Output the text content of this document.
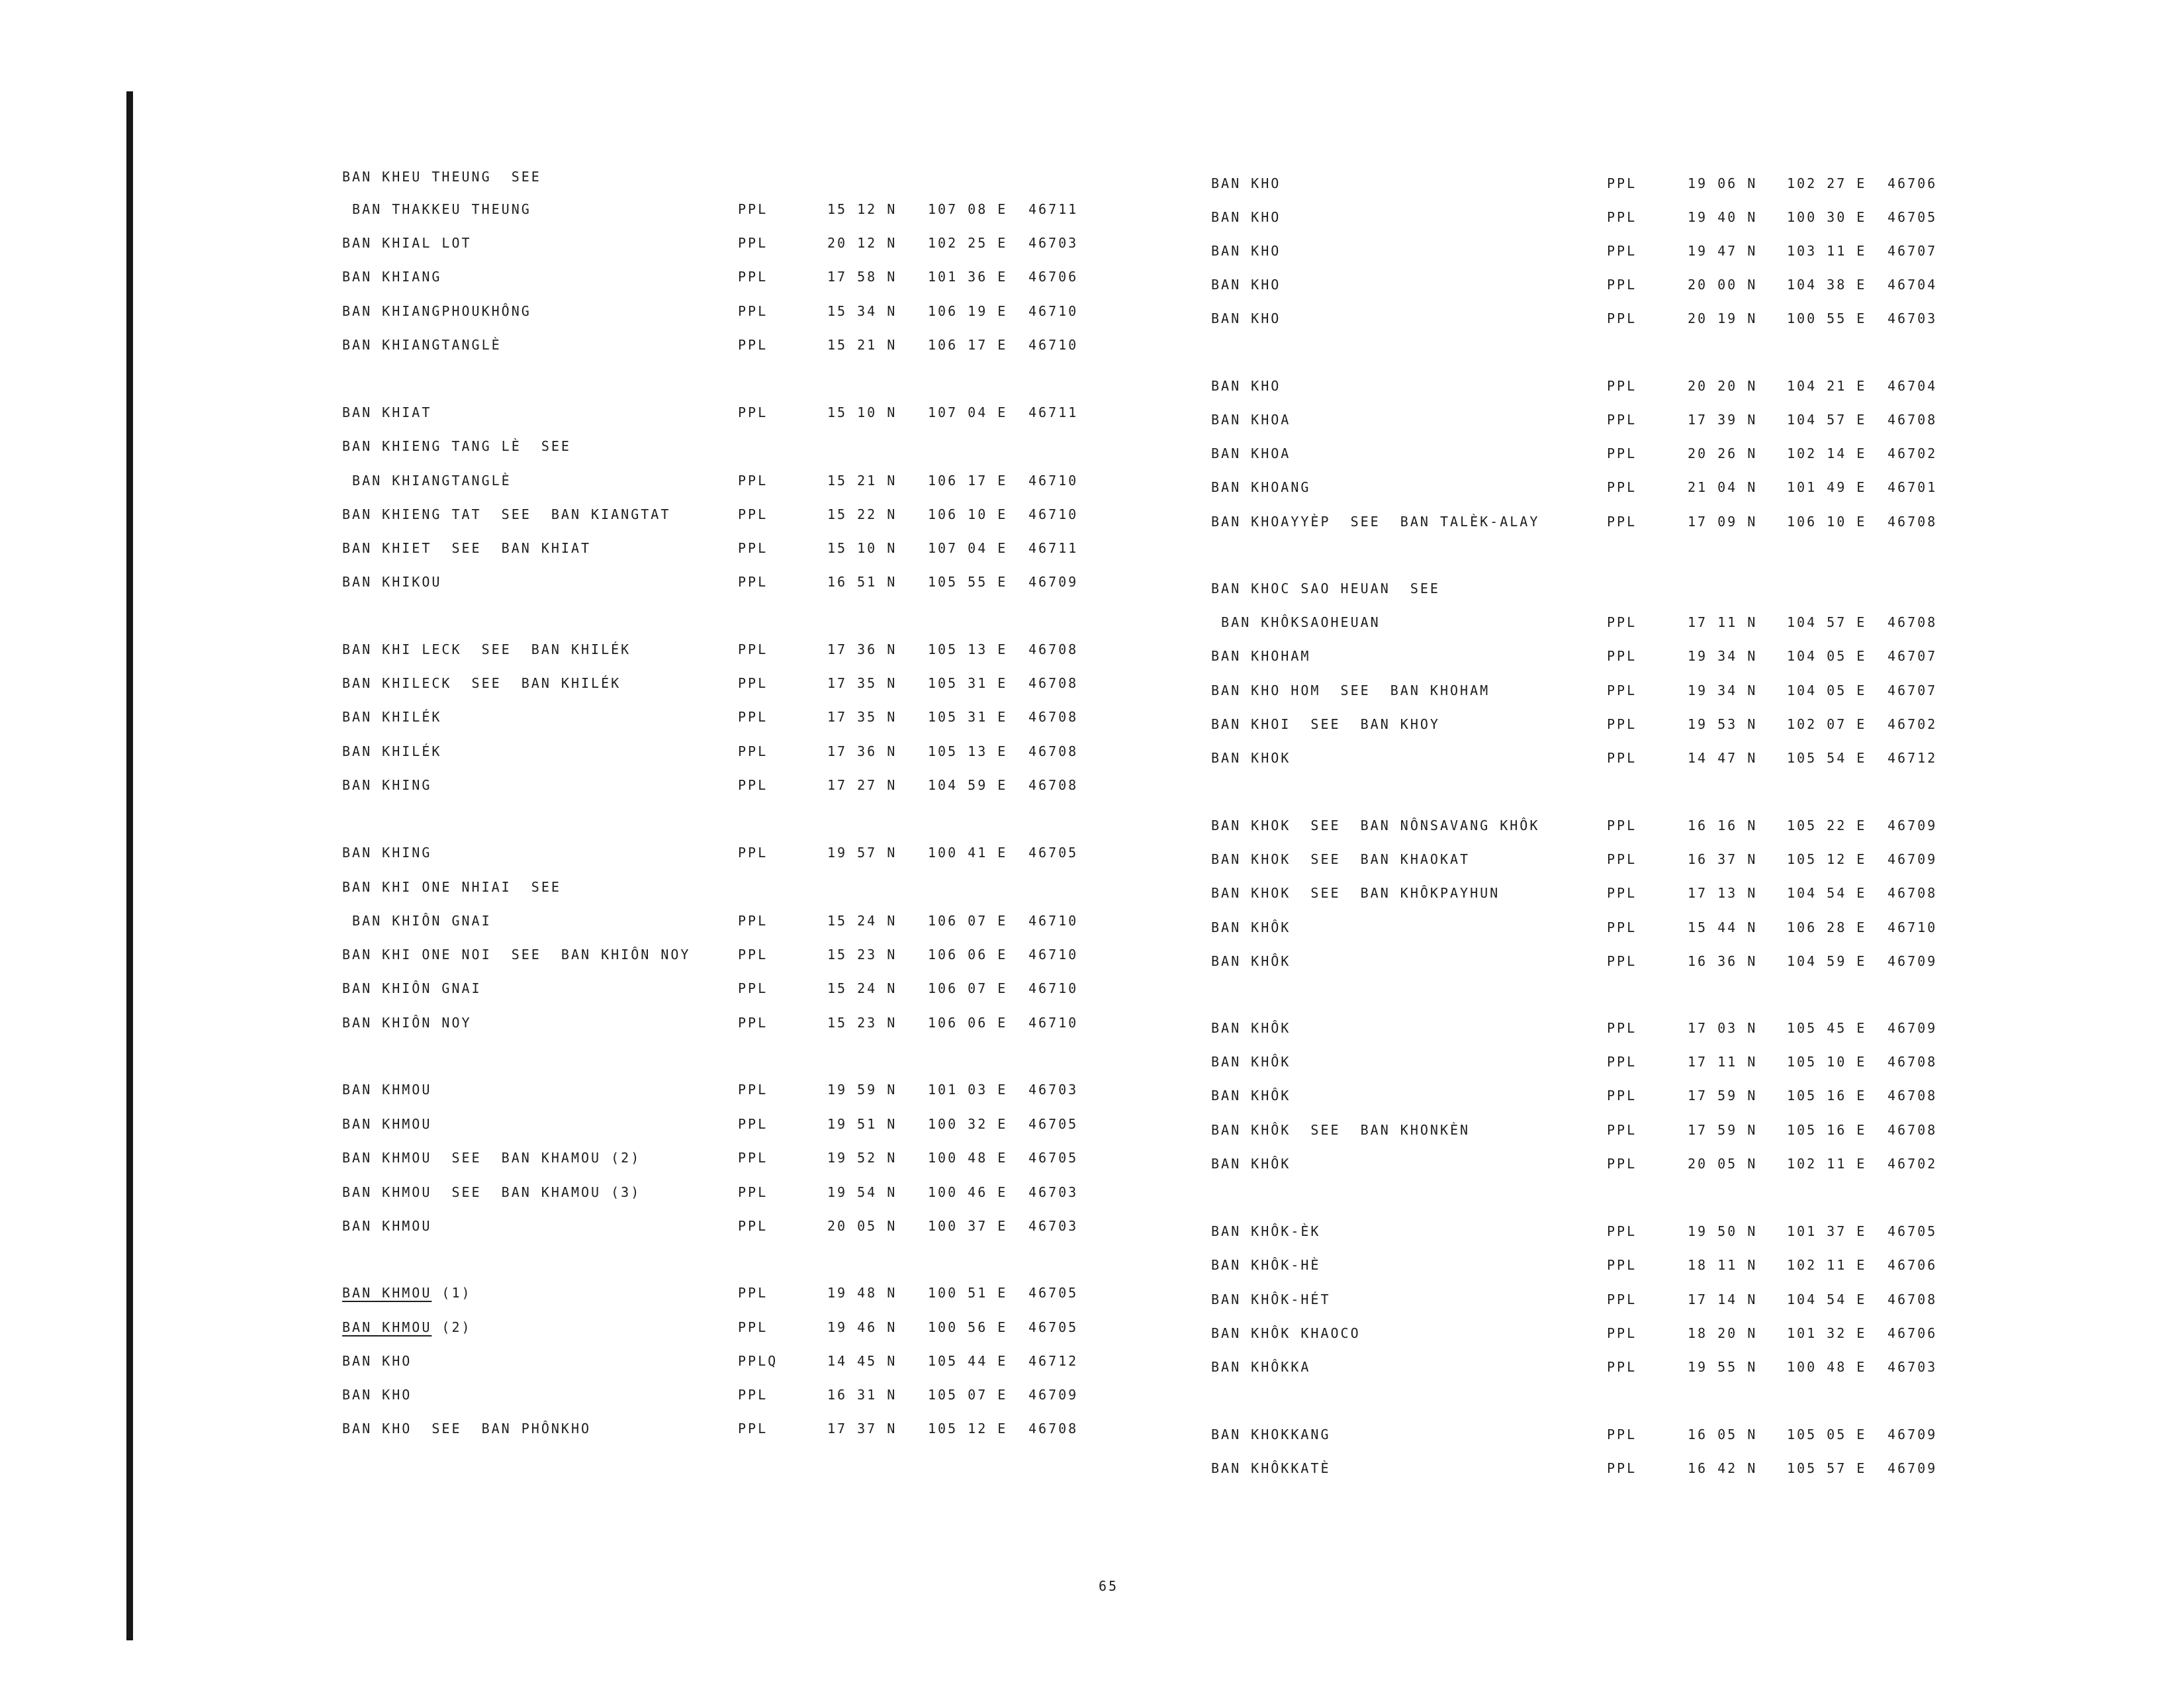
BAN KHEU THEUNG  SEE
BAN THAKKEU THEUNG	PPL	15 12 N 107 08 E 46711
BAN KHIAL LOT	PPL	20 12 N 102 25 E 46703
BAN KHIANG	PPL	17 58 N 101 36 E 46706
BAN KHIANGPHOUKHÔNG	PPL	15 34 N 106 19 E 46710
BAN KHIANGTANGLÈ	PPL	15 21 N 106 17 E 46710
BAN KHIAT	PPL	15 10 N 107 04 E 46711
BAN KHIENG TANG LÈ  SEE
BAN KHIANGTANGLÈ	PPL	15 21 N 106 17 E 46710
BAN KHIENG TAT  SEE  BAN KIANGTAT	PPL	15 22 N 106 10 E 46710
BAN KHIET  SEE  BAN KHIAT	PPL	15 10 N 107 04 E 46711
BAN KHIKOU	PPL	16 51 N 105 55 E 46709
BAN KHI LECK  SEE  BAN KHILÉK	PPL	17 36 N 105 13 E 46708
BAN KHILECK  SEE  BAN KHILÉK	PPL	17 35 N 105 31 E 46708
BAN KHILÉK	PPL	17 35 N 105 31 E 46708
BAN KHILÉK	PPL	17 36 N 105 13 E 46708
BAN KHING	PPL	17 27 N 104 59 E 46708
BAN KHING	PPL	19 57 N 100 41 E 46705
BAN KHI ONE NHIAI  SEE
BAN KHIÔN GNAI	PPL	15 24 N 106 07 E 46710
BAN KHI ONE NOI  SEE  BAN KHIÔN NOY	PPL	15 23 N 106 06 E 46710
BAN KHIÔN GNAI	PPL	15 24 N 106 07 E 46710
BAN KHIÔN NOY	PPL	15 23 N 106 06 E 46710
BAN KHMOU	PPL	19 59 N 101 03 E 46703
BAN KHMOU	PPL	19 51 N 100 32 E 46705
BAN KHMOU  SEE  BAN KHAMOU (2)	PPL	19 52 N 100 48 E 46705
BAN KHMOU  SEE  BAN KHAMOU (3)	PPL	19 54 N 100 46 E 46703
BAN KHMOU	PPL	20 05 N 100 37 E 46703
BAN KHMOU (1)	PPL	19 48 N 100 51 E 46705
BAN KHMOU (2)	PPL	19 46 N 100 56 E 46705
BAN KHO	PPLQ	14 45 N 105 44 E 46712
BAN KHO	PPL	16 31 N 105 07 E 46709
BAN KHO  SEE  BAN PHÔNKHO	PPL	17 37 N 105 12 E 46708
BAN KHO	PPL	19 06 N 102 27 E 46706
BAN KHO	PPL	19 40 N 100 30 E 46705
BAN KHO	PPL	19 47 N 103 11 E 46707
BAN KHO	PPL	20 00 N 104 38 E 46704
BAN KHO	PPL	20 19 N 100 55 E 46703
BAN KHO	PPL	20 20 N 104 21 E 46704
BAN KHOA	PPL	17 39 N 104 57 E 46708
BAN KHOA	PPL	20 26 N 102 14 E 46702
BAN KHOANG	PPL	21 04 N 101 49 E 46701
BAN KHOAYYÈP  SEE  BAN TALÈK-ALAY	PPL	17 09 N 106 10 E 46708
BAN KHOC SAO HEUAN  SEE
BAN KHÔKSAOHEUAN	PPL	17 11 N 104 57 E 46708
BAN KHOHAM	PPL	19 34 N 104 05 E 46707
BAN KHO HOM  SEE  BAN KHOHAM	PPL	19 34 N 104 05 E 46707
BAN KHOI  SEE  BAN KHOY	PPL	19 53 N 102 07 E 46702
BAN KHOK	PPL	14 47 N 105 54 E 46712
BAN KHOK  SEE  BAN NÔNSAVANG KHÔK	PPL	16 16 N 105 22 E 46709
BAN KHOK  SEE  BAN KHAOKAT	PPL	16 37 N 105 12 E 46709
BAN KHOK  SEE  BAN KHÔKPAYHUN	PPL	17 13 N 104 54 E 46708
BAN KHÔK	PPL	15 44 N 106 28 E 46710
BAN KHÔK	PPL	16 36 N 104 59 E 46709
BAN KHÔK	PPL	17 03 N 105 45 E 46709
BAN KHÔK	PPL	17 11 N 105 10 E 46708
BAN KHÔK	PPL	17 59 N 105 16 E 46708
BAN KHÔK  SEE  BAN KHONKÈN	PPL	17 59 N 105 16 E 46708
BAN KHÔK	PPL	20 05 N 102 11 E 46702
BAN KHÔK-ÈK	PPL	19 50 N 101 37 E 46705
BAN KHÔK-HÈ	PPL	18 11 N 102 11 E 46706
BAN KHÔK-HÉT	PPL	17 14 N 104 54 E 46708
BAN KHÔK KHAOCO	PPL	18 20 N 101 32 E 46706
BAN KHÔKKA	PPL	19 55 N 100 48 E 46703
BAN KHOKKANG	PPL	16 05 N 105 05 E 46709
BAN KHÔKKATÈ	PPL	16 42 N 105 57 E 46709
65
